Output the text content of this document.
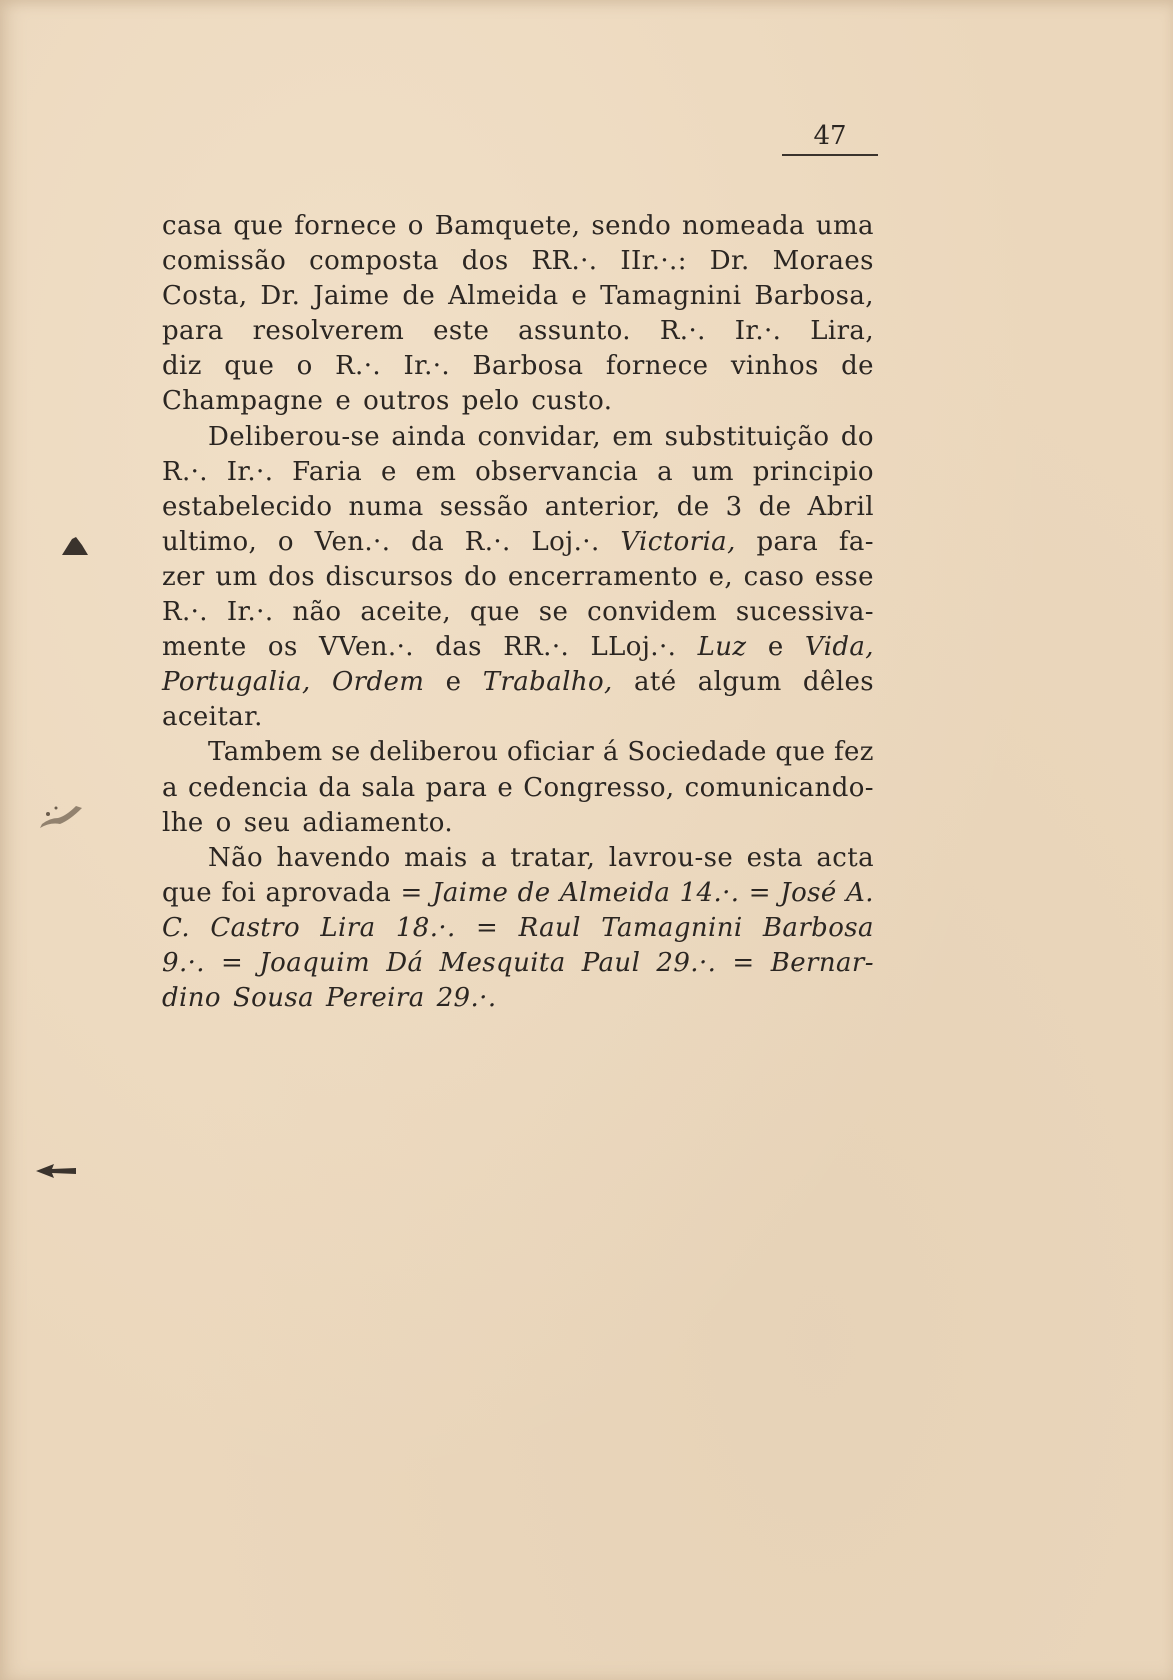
47
casa que fornece o Bamquete, sendo nomeada uma
comissão composta dos RR.·. IIr.·.: Dr. Moraes
Costa, Dr. Jaime de Almeida e Tamagnini Barbosa,
para resolverem este assunto. R.·. Ir.·. Lira,
diz que o R.·. Ir.·. Barbosa fornece vinhos de
Champagne e outros pelo custo.
Deliberou-se ainda convidar, em substituição do
R.·. Ir.·. Faria e em observancia a um principio
estabelecido numa sessão anterior, de 3 de Abril
ultimo, o Ven.·. da R.·. Loj.·. Victoria, para fa-
zer um dos discursos do encerramento e, caso esse
R.·. Ir.·. não aceite, que se convidem sucessiva-
mente os VVen.·. das RR.·. LLoj.·. Luz e Vida,
Portugalia, Ordem e Trabalho, até algum dêles
aceitar.
Tambem se deliberou oficiar á Sociedade que fez
a cedencia da sala para e Congresso, comunicando-
lhe o seu adiamento.
Não havendo mais a tratar, lavrou-se esta acta
que foi aprovada = Jaime de Almeida 14.·. = José A.
C. Castro Lira 18.·. = Raul Tamagnini Barbosa
9.·. = Joaquim Dá Mesquita Paul 29.·. = Bernar-
dino Sousa Pereira 29.·.
